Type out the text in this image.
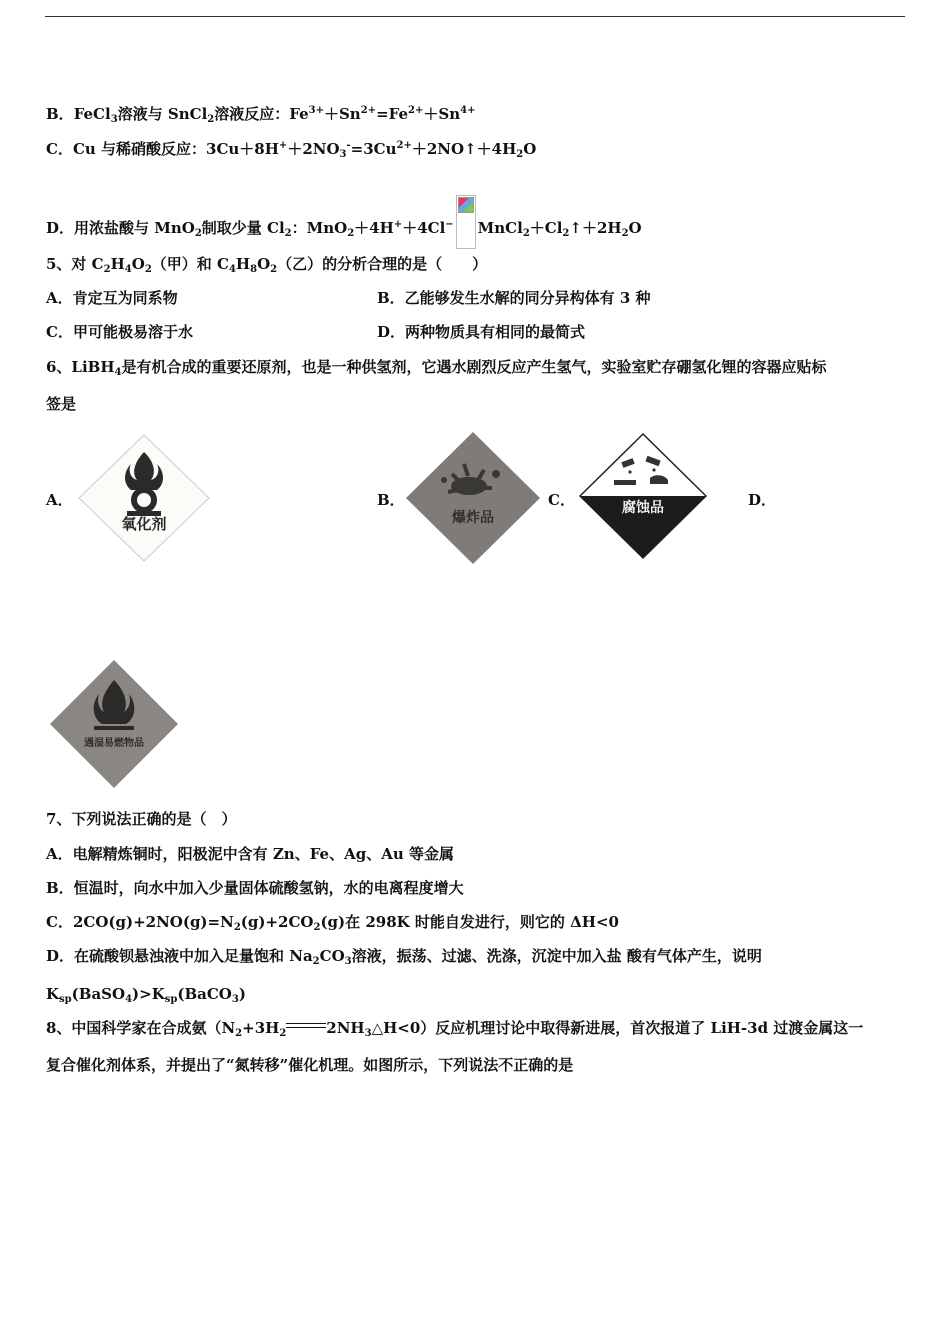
B．FeCl$_3$溶液与 SnCl$_2$溶液反应：$Fe^{3+}+Sn^{2+}=Fe^{2+}+Sn^{4+}$
C．Cu 与稀硝酸反应：$3Cu+8H^++2NO_3^-=3Cu^{2+}+2NO↑+4H_2O$
D．用浓盐酸与 MnO$_2$制取少量 $Cl_2$：MnO$_2$＋4H+＋4Cl− $MnCl_2+Cl_2↑+2H_2O$
5、对 $C_2H_4O_2$（甲）和 $C_4H_8O_2$（乙）的分析合理的是（　　）
A．肯定互为同系物	B．乙能够发生水解的同分异构体有 3 种
C．甲可能极易溶于水	D．两种物质具有相同的最简式
6、LiBH$_4$是有机合成的重要还原剂，也是一种供氢剂，它遇水剧烈反应产生氢气，实验室贮存硼氢化锂的容器应贴标
签是
A．	B．	C．	D．
氧化剂	爆炸品
腐蚀品
遇湿易燃物品
7、下列说法正确的是（　）
A．电解精炼铜时，阳极泥中含有 Zn、Fe、Ag、Au 等金属
B．恒温时，向水中加入少量固体硫酸氢钠，水的电离程度增大
C．$2CO(g)+2NO(g)=N_2(g)+2CO_2(g)$在 298K 时能自发进行，则它的 ΔH<0
D．在硫酸钡悬浊液中加入足量饱和 $Na_2CO_3$溶液，振荡、过滤、洗涤，沉淀中加入盐 酸有气体产生，说明
$K_{sp}(BaSO_4)>K_{sp}(BaCO_3)$
8、中国科学家在合成氨（$N_2+3H_2$	$2NH_3\triangle H<0$）反应机理讨论中取得新进展，首次报道了 LiH-3d 过渡金属这一
复合催化剂体系，并提出了“氮转移”催化机理。如图所示，下列说法不正确的是
